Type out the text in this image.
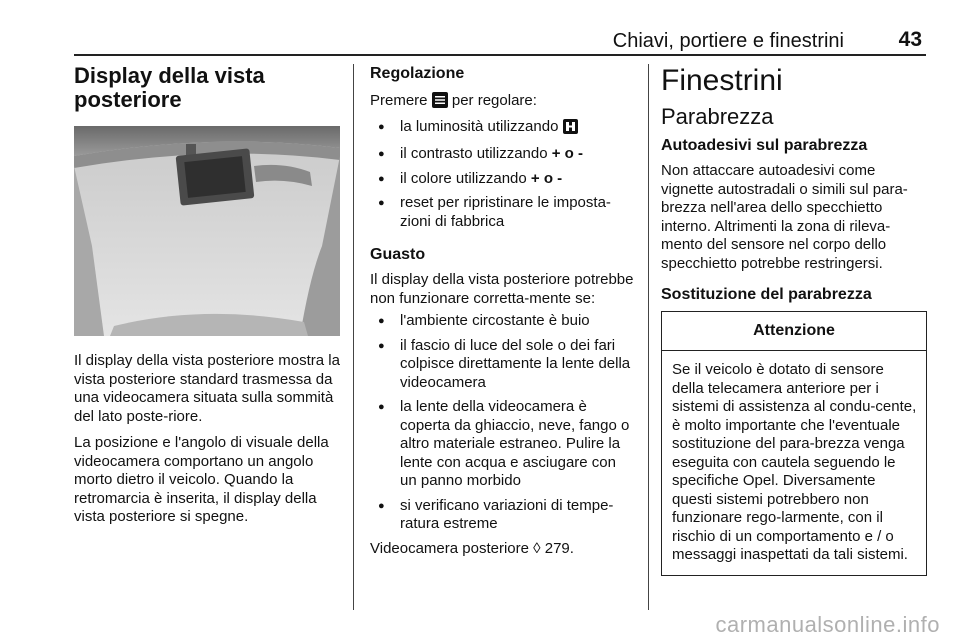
Chiavi, portiere e finestrini	43
Display della vista posteriore

Il display della vista posteriore mostra la vista posteriore standard trasmessa da una videocamera situata sulla sommità del lato poste-riore.

La posizione e l'angolo di visuale della videocamera comportano un angolo morto dietro il veicolo. Quando la retromarcia è inserita, il display della vista posteriore si spegne.

Regolazione

Premere per regolare:

● la luminosità utilizzando
● il contrasto utilizzando + o -
● il colore utilizzando + o -
● reset per ripristinare le imposta-zioni di fabbrica
Guasto

Il display della vista posteriore potrebbe non funzionare corretta-mente se:

● l'ambiente circostante è buio
● il fascio di luce del sole o dei fari colpisce direttamente la lente della videocamera
● la lente della videocamera è coperta da ghiaccio, neve, fango o altro materiale estraneo. Pulire la lente con acqua e asciugare con un panno morbido
● si verificano variazioni di tempe-ratura estreme

Videocamera posteriore ◊ 279.

Finestrini
Parabrezza
Autoadesivi sul parabrezza

Non attaccare autoadesivi come vignette autostradali o simili sul para-brezza nell'area dello specchietto interno. Altrimenti la zona di rileva-mento del sensore nel corpo dello specchietto potrebbe restringersi.

Sostituzione del parabrezza
Attenzione
Se il veicolo è dotato di sensore della telecamera anteriore per i sistemi di assistenza al condu-cente, è molto importante che l'eventuale sostituzione del para-brezza venga eseguita con cautela seguendo le specifiche Opel. Diversamente questi sistemi potrebbero non funzionare rego-larmente, con il rischio di un comportamento e / o messaggi inaspettati da tali sistemi.
carmanualsonline.info
